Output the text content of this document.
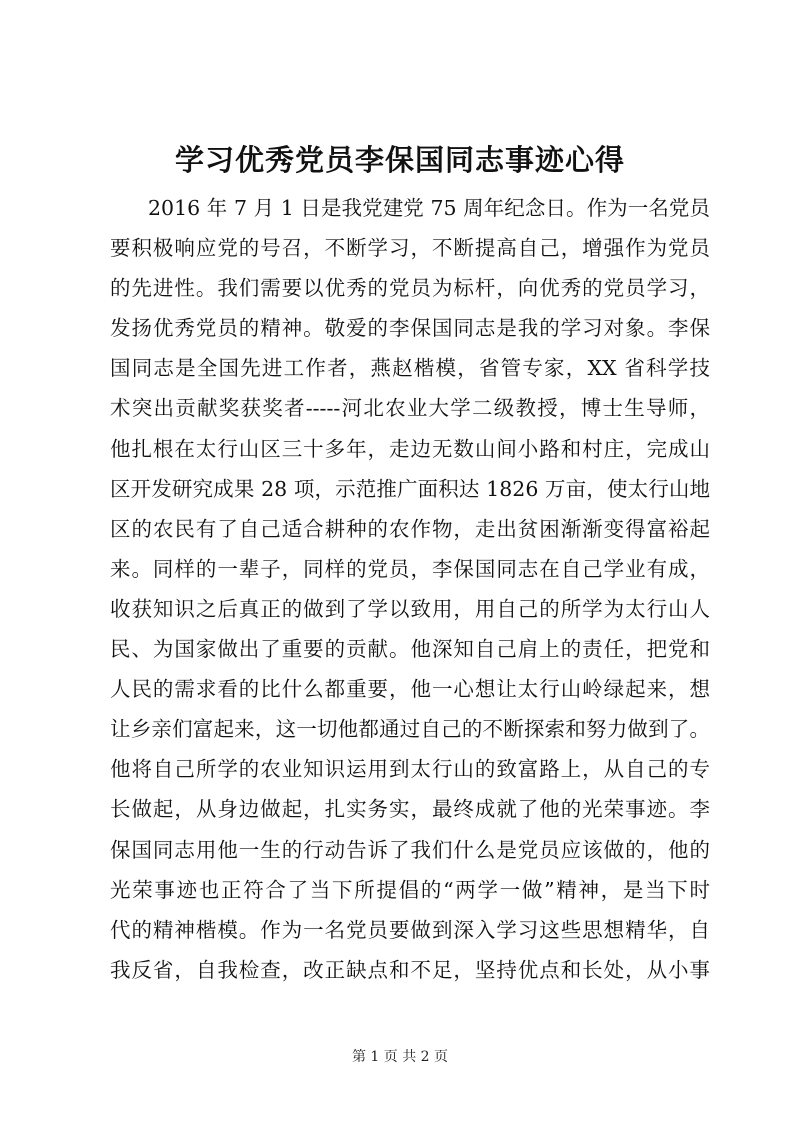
学习优秀党员李保国同志事迹心得
2016 年 7 月 1 日是我党建党 75 周年纪念日。作为一名党员
要积极响应党的号召，不断学习，不断提高自己，增强作为党员
的先进性。我们需要以优秀的党员为标杆，向优秀的党员学习，
发扬优秀党员的精神。敬爱的李保国同志是我的学习对象。李保
国同志是全国先进工作者，燕赵楷模，省管专家，XX 省科学技
术突出贡献奖获奖者-----河北农业大学二级教授，博士生导师，
他扎根在太行山区三十多年，走边无数山间小路和村庄，完成山
区开发研究成果 28 项，示范推广面积达 1826 万亩，使太行山地
区的农民有了自己适合耕种的农作物，走出贫困渐渐变得富裕起
来。同样的一辈子，同样的党员，李保国同志在自己学业有成，
收获知识之后真正的做到了学以致用，用自己的所学为太行山人
民、为国家做出了重要的贡献。他深知自己肩上的责任，把党和
人民的需求看的比什么都重要，他一心想让太行山岭绿起来，想
让乡亲们富起来，这一切他都通过自己的不断探索和努力做到了。
他将自己所学的农业知识运用到太行山的致富路上，从自己的专
长做起，从身边做起，扎实务实，最终成就了他的光荣事迹。李
保国同志用他一生的行动告诉了我们什么是党员应该做的，他的
光荣事迹也正符合了当下所提倡的“两学一做”精神，是当下时
代的精神楷模。作为一名党员要做到深入学习这些思想精华，自
我反省，自我检查，改正缺点和不足，坚持优点和长处，从小事
第 1 页 共 2 页
